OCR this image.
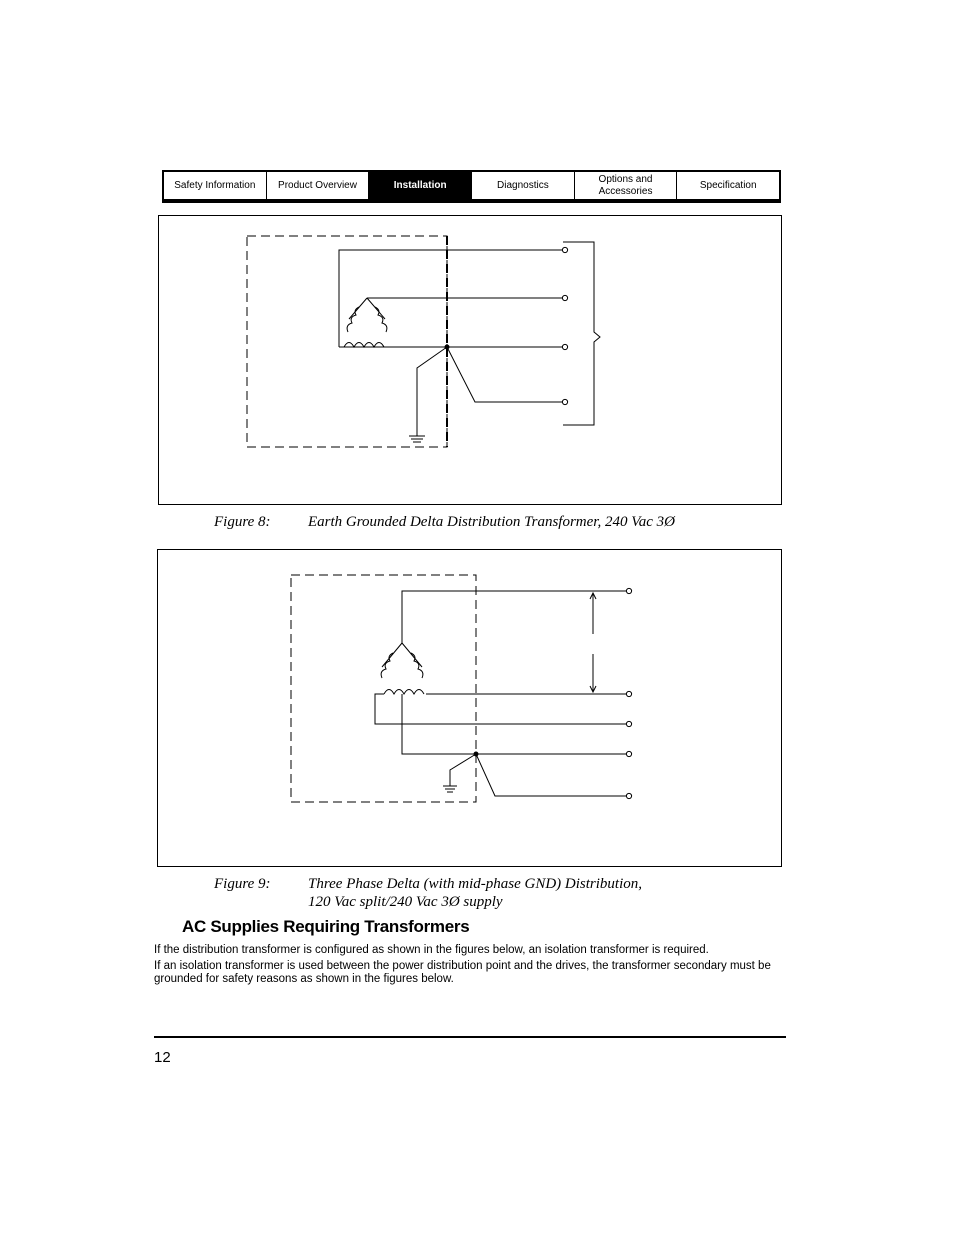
Safety Information	Product Overview	Installation	Diagnostics
Options and Accessories
Specification
Figure 8: Earth Grounded Delta Distribution Transformer, 240 Vac 3Ø
Figure 9: Three Phase Delta (with mid-phase GND) Distribution,
120 Vac split/240 Vac 3Ø supply
AC Supplies Requiring Transformers
If the distribution transformer is configured as shown in the figures below, an isolation transformer is required.
If an isolation transformer is used between the power distribution point and the drives, the transformer secondary must be grounded for safety reasons as shown in the figures below.
12
